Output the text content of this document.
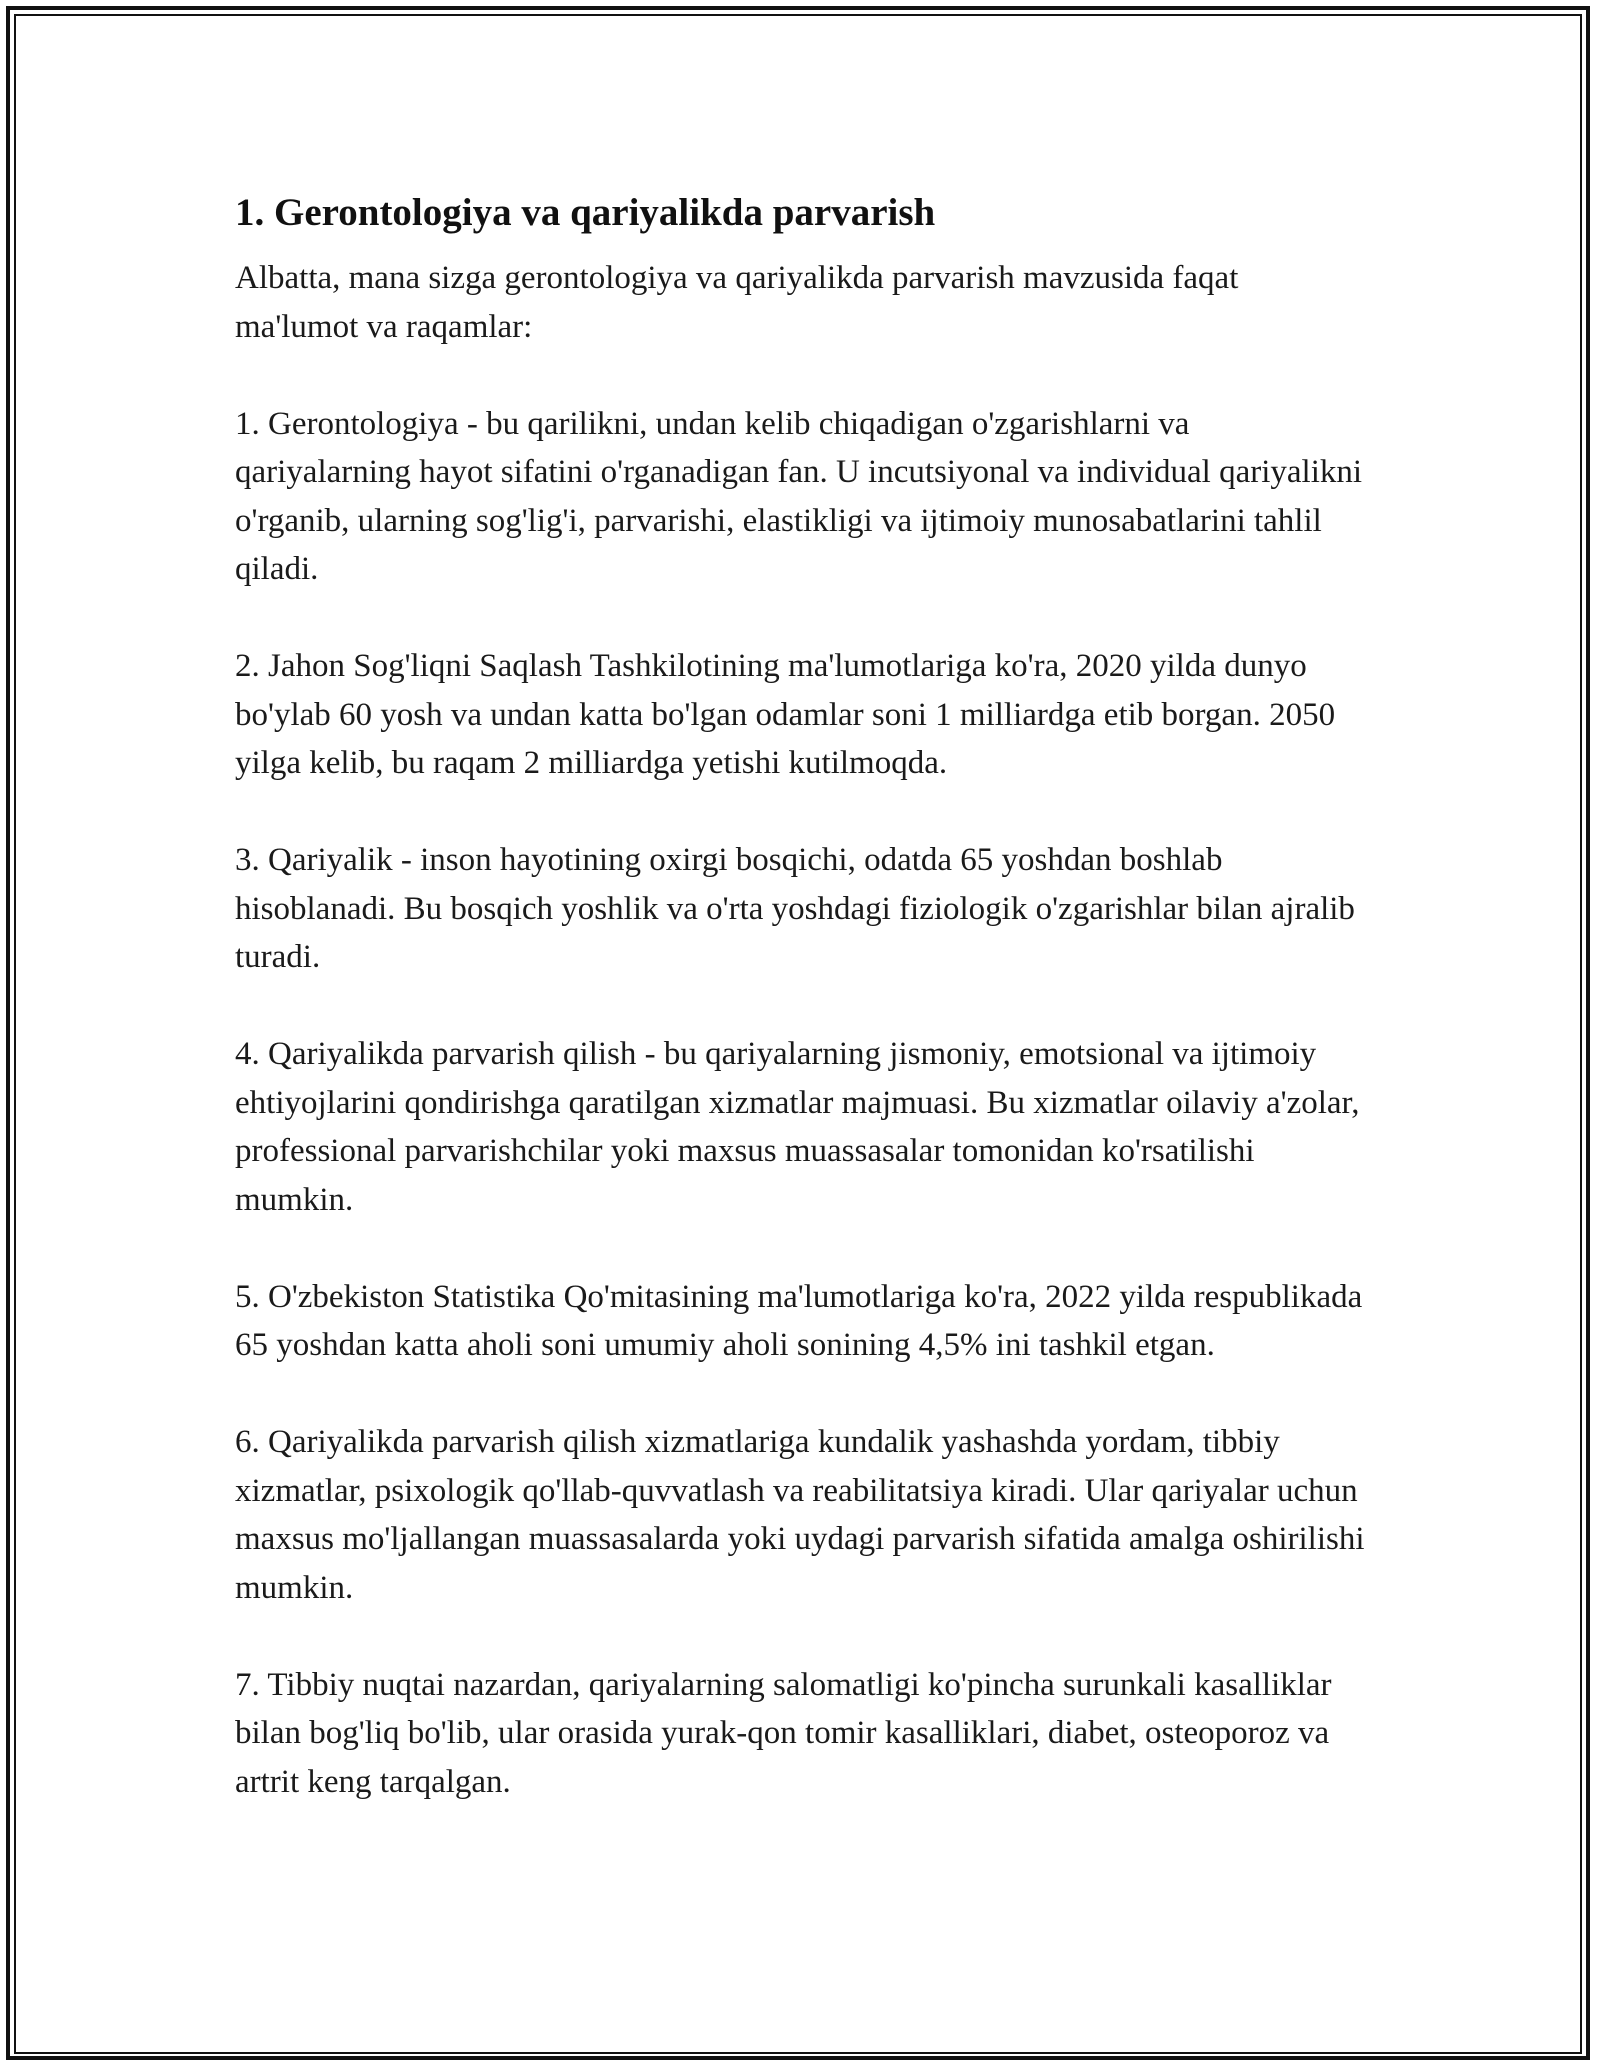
1. Gerontologiya va qariyalikda parvarish

Albatta, mana sizga gerontologiya va qariyalikda parvarish mavzusida faqat ma'lumot va raqamlar:

1. Gerontologiya - bu qarilikni, undan kelib chiqadigan o'zgarishlarni va qariyalarning hayot sifatini o'rganadigan fan. U incutsiyonal va individual qariyalikni o'rganib, ularning sog'lig'i, parvarishi, elastikligi va ijtimoiy munosabatlarini tahlil qiladi.

2. Jahon Sog'liqni Saqlash Tashkilotining ma'lumotlariga ko'ra, 2020 yilda dunyo bo'ylab 60 yosh va undan katta bo'lgan odamlar soni 1 milliardga etib borgan. 2050 yilga kelib, bu raqam 2 milliardga yetishi kutilmoqda.

3. Qariyalik - inson hayotining oxirgi bosqichi, odatda 65 yoshdan boshlab hisoblanadi. Bu bosqich yoshlik va o'rta yoshdagi fiziologik o'zgarishlar bilan ajralib turadi.

4. Qariyalikda parvarish qilish - bu qariyalarning jismoniy, emotsional va ijtimoiy ehtiyojlarini qondirishga qaratilgan xizmatlar majmuasi. Bu xizmatlar oilaviy a'zolar, professional parvarishchilar yoki maxsus muassasalar tomonidan ko'rsatilishi mumkin.

5. O'zbekiston Statistika Qo'mitasining ma'lumotlariga ko'ra, 2022 yilda respublikada 65 yoshdan katta aholi soni umumiy aholi sonining 4,5% ini tashkil etgan.

6. Qariyalikda parvarish qilish xizmatlariga kundalik yashashda yordam, tibbiy xizmatlar, psixologik qo'llab-quvvatlash va reabilitatsiya kiradi. Ular qariyalar uchun maxsus mo'ljallangan muassasalarda yoki uydagi parvarish sifatida amalga oshirilishi mumkin.

7. Tibbiy nuqtai nazardan, qariyalarning salomatligi ko'pincha surunkali kasalliklar bilan bog'liq bo'lib, ular orasida yurak-qon tomir kasalliklari, diabet, osteoporoz va artrit keng tarqalgan.
